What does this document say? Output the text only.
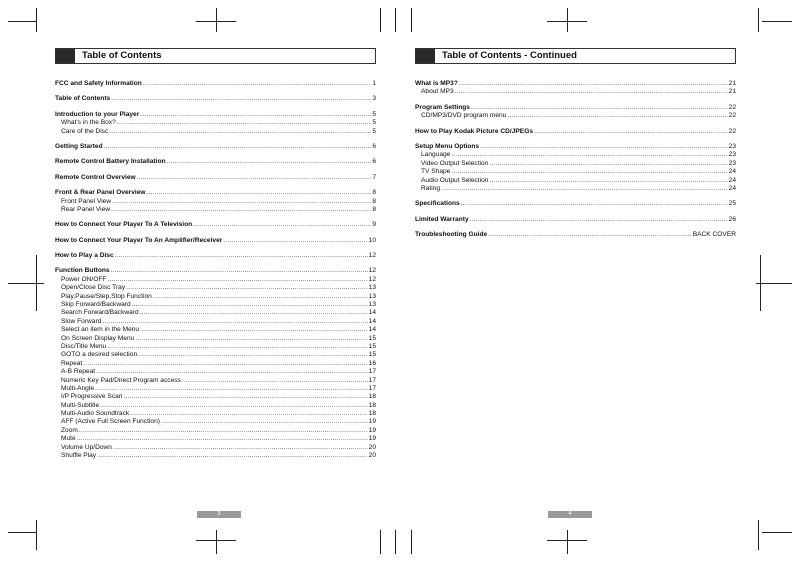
Table of Contents
FCC and Safety Information .....	1
Table of Contents .....	3
Introduction to your Player .....	5
What's in the Box? .....	5
Care of the Disc .....	5
Getting Started .....	6
Remote Control Battery Installation .....	6
Remote Control Overview .....	7
Front & Rear Panel Overview .....	8
Front Panel View .....	8
Rear Panel View .....	8
How to Connect Your Player To A Television .....	9
How to Connect Your Player To An Amplifier/Receiver .....	10
How to Play a Disc .....	12
Function Buttons .....	12
Power ON/OFF .....	12
Open/Close Disc Tray .....	13
Play,Pause/Step,Stop Function .....	13
Skip Forward/Backward .....	13
Search Forward/Backward .....	14
Slow Forward .....	14
Select an item in the Menu .....	14
On Screen Display Menu .....	15
Disc/Title Menu .....	15
GOTO a desired selection .....	15
Repeat .....	16
A-B Repeat .....	17
Numeric Key Pad/Direct Program access .....	17
Multi-Angle .....	17
I/P Progressive Scan .....	18
Multi-Subtitle .....	18
Multi-Audio Soundtrack .....	18
AFF (Active Full Screen Function) .....	19
Zoom .....	19
Mute .....	19
Volume Up/Down .....	20
Shuffle Play .....	20
3
Table of Contents - Continued
What is MP3? .....	21
About MP3 .....	21
Program Settings .....	22
CD/MP3/DVD program menu .....	22
How to Play Kodak Picture CD/JPEGs .....	22
Setup Menu Options .....	23
Language .....	23
Video Output Selection .....	23
TV Shape .....	24
Audio Output Selection .....	24
Rating .....	24
Specifications .....	25
Limited Warranty .....	26
Troubleshooting Guide .....	BACK COVER
4
